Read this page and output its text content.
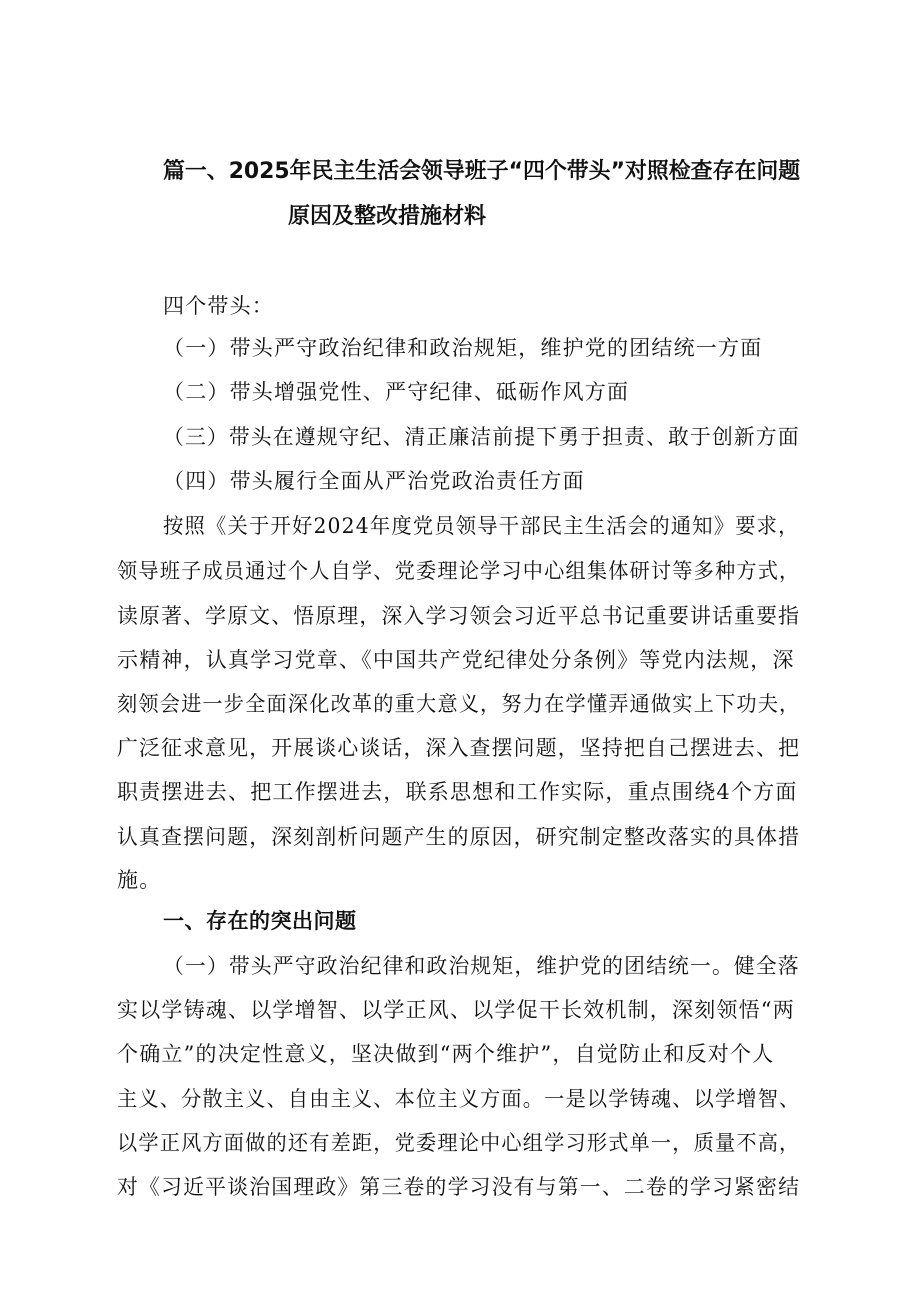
篇一、2025年民主生活会领导班子“四个带头”对照检查存在问题
原因及整改措施材料
四个带头：
（一）带头严守政治纪律和政治规矩，维护党的团结统一方面
（二）带头增强党性、严守纪律、砥砺作风方面
（三）带头在遵规守纪、清正廉洁前提下勇于担责、敢于创新方面
（四）带头履行全面从严治党政治责任方面
按照《关于开好2024年度党员领导干部民主生活会的通知》要求，
领导班子成员通过个人自学、党委理论学习中心组集体研讨等多种方式，
读原著、学原文、悟原理，深入学习领会习近平总书记重要讲话重要指
示精神，认真学习党章、《中国共产党纪律处分条例》等党内法规，深
刻领会进一步全面深化改革的重大意义，努力在学懂弄通做实上下功夫，
广泛征求意见，开展谈心谈话，深入查摆问题，坚持把自己摆进去、把
职责摆进去、把工作摆进去，联系思想和工作实际，重点围绕4个方面
认真查摆问题，深刻剖析问题产生的原因，研究制定整改落实的具体措
施。
一、存在的突出问题
（一）带头严守政治纪律和政治规矩，维护党的团结统一。健全落
实以学铸魂、以学增智、以学正风、以学促干长效机制，深刻领悟“两
个确立”的决定性意义，坚决做到“两个维护”，自觉防止和反对个人
主义、分散主义、自由主义、本位主义方面。一是以学铸魂、以学增智、
以学正风方面做的还有差距，党委理论中心组学习形式单一，质量不高，
对《习近平谈治国理政》第三卷的学习没有与第一、二卷的学习紧密结
